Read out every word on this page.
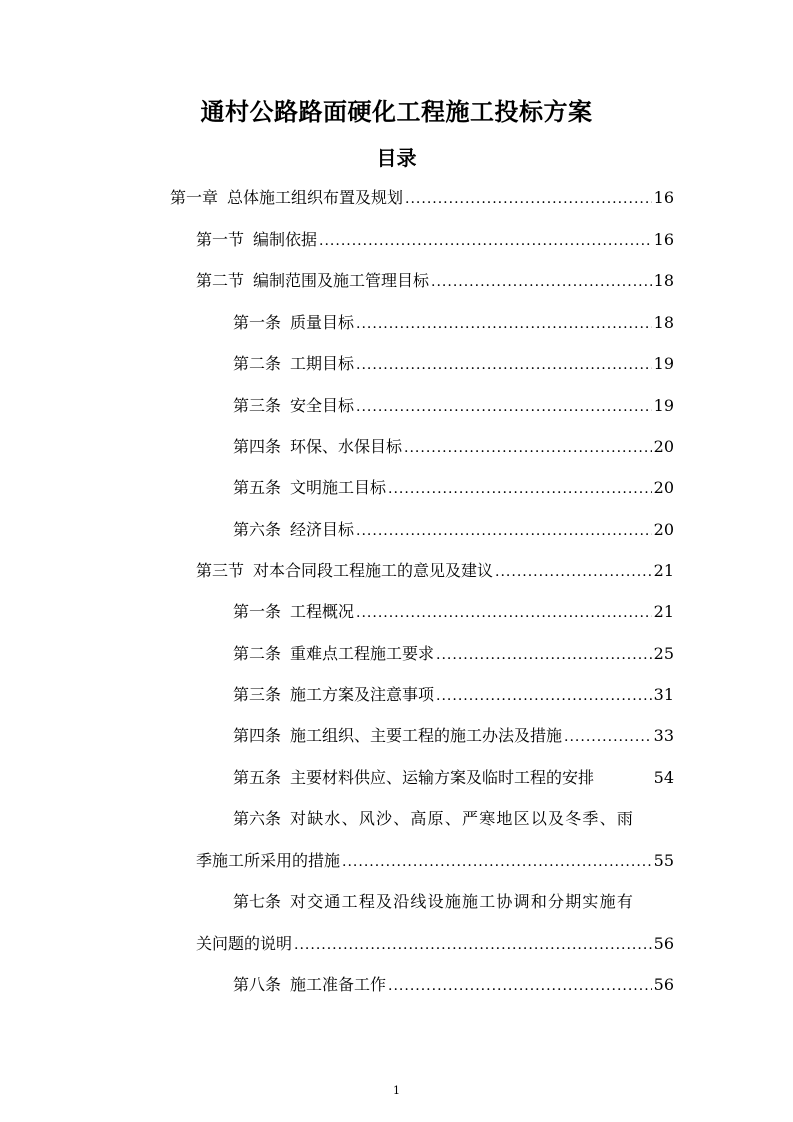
通村公路路面硬化工程施工投标方案
目录
第一章 总体施工组织布置及规划 .....	16
第一节 编制依据 .....	16
第二节 编制范围及施工管理目标 .....	18
第一条 质量目标 .....	18
第二条 工期目标 .....	19
第三条 安全目标 .....	19
第四条 环保、水保目标 .....	20
第五条 文明施工目标 .....	20
第六条 经济目标 .....	20
第三节 对本合同段工程施工的意见及建议 .....	21
第一条 工程概况 .....	21
第二条 重难点工程施工要求 .....	25
第三条 施工方案及注意事项 .....	31
第四条 施工组织、主要工程的施工办法及措施 .....	33
第五条 主要材料供应、运输方案及临时工程的安排	54
第六条 对缺水、风沙、高原、严寒地区以及冬季、雨
季施工所采用的措施 .....	55
第七条 对交通工程及沿线设施施工协调和分期实施有
关问题的说明 .....	56
第八条 施工准备工作 .....	56
1
